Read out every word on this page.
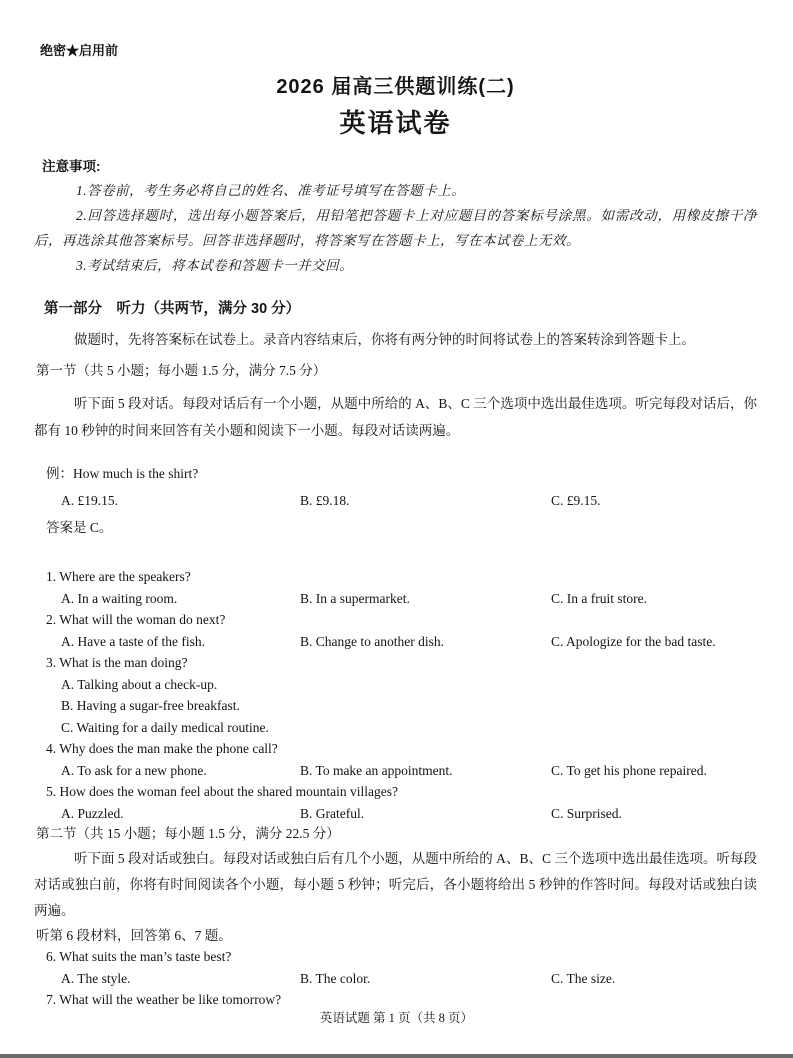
绝密★启用前
2026 届高三供题训练(二)
英语试卷
注意事项:

1.答卷前，考生务必将自己的姓名、准考证号填写在答题卡上。

2.回答选择题时，选出每小题答案后，用铅笔把答题卡上对应题目的答案标号涂黑。如需改动，用橡皮擦干净后，再选涂其他答案标号。回答非选择题时，将答案写在答题卡上，写在本试卷上无效。

3.考试结束后，将本试卷和答题卡一并交回。

第一部分　听力（共两节，满分 30 分）

做题时，先将答案标在试卷上。录音内容结束后，你将有两分钟的时间将试卷上的答案转涂到答题卡上。

第一节（共 5 小题；每小题 1.5 分，满分 7.5 分）

听下面 5 段对话。每段对话后有一个小题，从题中所给的 A、B、C 三个选项中选出最佳选项。听完每段对话后，你都有 10 秒钟的时间来回答有关小题和阅读下一小题。每段对话读两遍。

例：How much is the shirt?
A. £19.15.	B. £9.18.	C. £9.15.
答案是 C。
1. Where are the speakers?
A. In a waiting room.	B. In a supermarket.	C. In a fruit store.
2. What will the woman do next?
A. Have a taste of the fish.	B. Change to another dish.	C. Apologize for the bad taste.
3. What is the man doing?
A. Talking about a check-up.
B. Having a sugar-free breakfast.
C. Waiting for a daily medical routine.
4. Why does the man make the phone call?
A. To ask for a new phone.	B. To make an appointment.	C. To get his phone repaired.
5. How does the woman feel about the shared mountain villages?
A. Puzzled.	B. Grateful.	C. Surprised.
第二节（共 15 小题；每小题 1.5 分，满分 22.5 分）

听下面 5 段对话或独白。每段对话或独白后有几个小题，从题中所给的 A、B、C 三个选项中选出最佳选项。听每段对话或独白前，你将有时间阅读各个小题，每小题 5 秒钟；听完后，各小题将给出 5 秒钟的作答时间。每段对话或独白读两遍。

听第 6 段材料，回答第 6、7 题。
6. What suits the man’s taste best?
A. The style.	B. The color.	C. The size.
7. What will the weather be like tomorrow?
英语试题 第 1 页（共 8 页）
